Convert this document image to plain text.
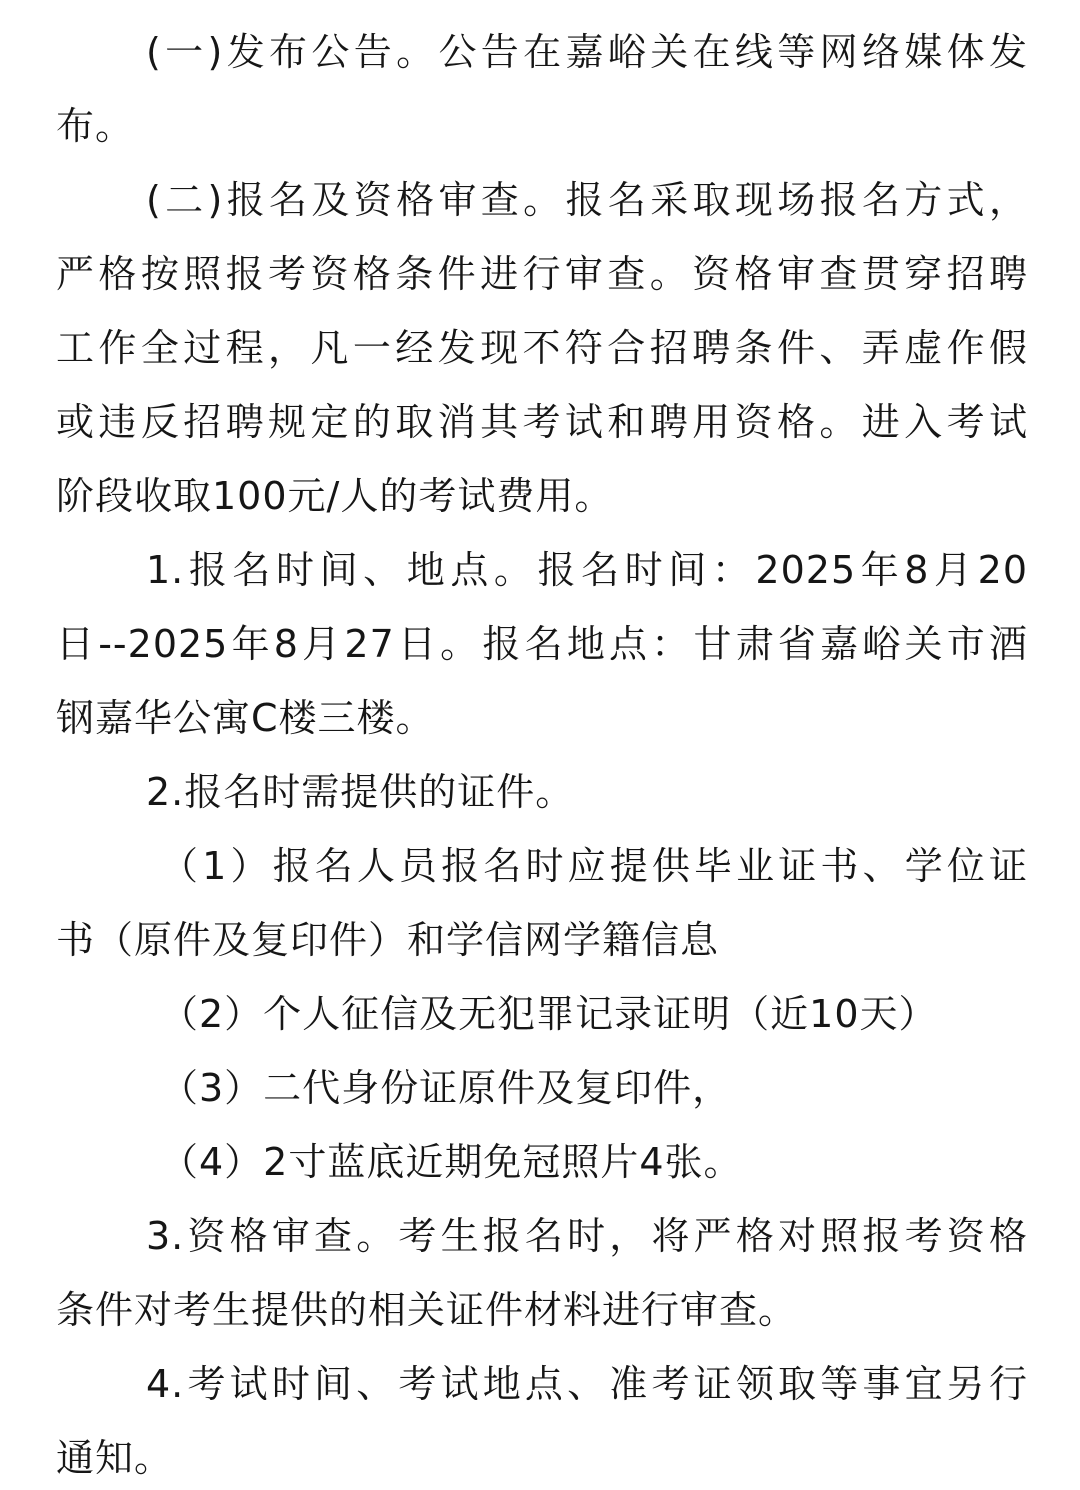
(一)发布公告。公告在嘉峪关在线等网络媒体发
布。
(二)报名及资格审查。报名采取现场报名方式，
严格按照报考资格条件进行审查。资格审查贯穿招聘
工作全过程，凡一经发现不符合招聘条件、弄虚作假
或违反招聘规定的取消其考试和聘用资格。进入考试
阶段收取100元/人的考试费用。
1.报名时间、地点。报名时间：2025年8月20
日--2025年8月27日。报名地点：甘肃省嘉峪关市酒
钢嘉华公寓C楼三楼。
2.报名时需提供的证件。
（1）报名人员报名时应提供毕业证书、学位证
书（原件及复印件）和学信网学籍信息
（2）个人征信及无犯罪记录证明（近10天）
（3）二代身份证原件及复印件，
（4）2寸蓝底近期免冠照片4张。
3.资格审查。考生报名时，将严格对照报考资格
条件对考生提供的相关证件材料进行审查。
4.考试时间、考试地点、准考证领取等事宜另行
通知。
